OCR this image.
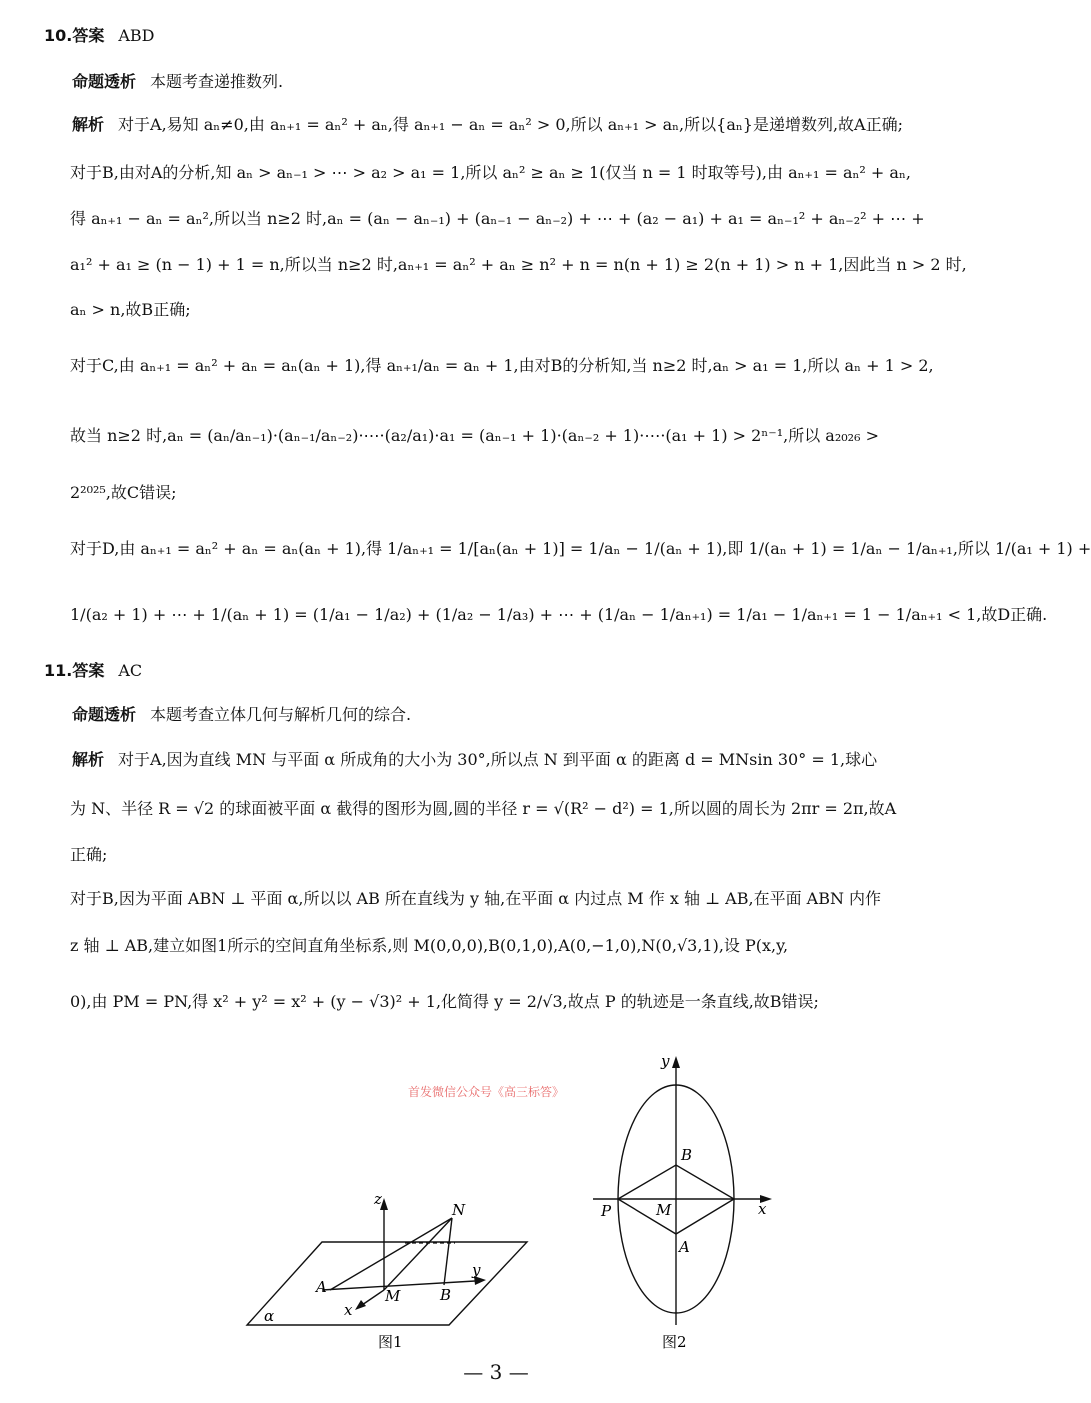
10.答案 ABD
命题透析 本题考查递推数列.
解析 对于A,易知 aₙ≠0,由 aₙ₊₁ = aₙ² + aₙ,得 aₙ₊₁ − aₙ = aₙ² > 0,所以 aₙ₊₁ > aₙ,所以{aₙ}是递增数列,故A正确;
对于B,由对A的分析,知 aₙ > aₙ₋₁ > ⋯ > a₂ > a₁ = 1,所以 aₙ² ≥ aₙ ≥ 1(仅当 n = 1 时取等号),由 aₙ₊₁ = aₙ² + aₙ,
得 aₙ₊₁ − aₙ = aₙ²,所以当 n≥2 时,aₙ = (aₙ − aₙ₋₁) + (aₙ₋₁ − aₙ₋₂) + ⋯ + (a₂ − a₁) + a₁ = aₙ₋₁² + aₙ₋₂² + ⋯ +
a₁² + a₁ ≥ (n − 1) + 1 = n,所以当 n≥2 时,aₙ₊₁ = aₙ² + aₙ ≥ n² + n = n(n + 1) ≥ 2(n + 1) > n + 1,因此当 n > 2 时,
aₙ > n,故B正确;
对于C,由 aₙ₊₁ = aₙ² + aₙ = aₙ(aₙ + 1),得 aₙ₊₁/aₙ = aₙ + 1,由对B的分析知,当 n≥2 时,aₙ > a₁ = 1,所以 aₙ + 1 > 2,
故当 n≥2 时,aₙ = (aₙ/aₙ₋₁)·(aₙ₋₁/aₙ₋₂)·⋯·(a₂/a₁)·a₁ = (aₙ₋₁ + 1)·(aₙ₋₂ + 1)·⋯·(a₁ + 1) > 2ⁿ⁻¹,所以 a₂₀₂₆ >
2²⁰²⁵,故C错误;
对于D,由 aₙ₊₁ = aₙ² + aₙ = aₙ(aₙ + 1),得 1/aₙ₊₁ = 1/[aₙ(aₙ + 1)] = 1/aₙ − 1/(aₙ + 1),即 1/(aₙ + 1) = 1/aₙ − 1/aₙ₊₁,所以 1/(a₁ + 1) +
1/(a₂ + 1) + ⋯ + 1/(aₙ + 1) = (1/a₁ − 1/a₂) + (1/a₂ − 1/a₃) + ⋯ + (1/aₙ − 1/aₙ₊₁) = 1/a₁ − 1/aₙ₊₁ = 1 − 1/aₙ₊₁ < 1,故D正确.
11.答案 AC
命题透析 本题考查立体几何与解析几何的综合.
解析 对于A,因为直线 MN 与平面 α 所成角的大小为 30°,所以点 N 到平面 α 的距离 d = MNsin 30° = 1,球心
为 N、半径 R = √2 的球面被平面 α 截得的图形为圆,圆的半径 r = √(R² − d²) = 1,所以圆的周长为 2πr = 2π,故A
正确;
对于B,因为平面 ABN ⊥ 平面 α,所以以 AB 所在直线为 y 轴,在平面 α 内过点 M 作 x 轴 ⊥ AB,在平面 ABN 内作
z 轴 ⊥ AB,建立如图1所示的空间直角坐标系,则 M(0,0,0),B(0,1,0),A(0,−1,0),N(0,√3,1),设 P(x,y,
0),由 PM = PN,得 x² + y² = x² + (y − √3)² + 1,化简得 y = 2/√3,故点 P 的轨迹是一条直线,故B错误;
首发微信公众号《高三标答》
z
N
y
A	M	B
x
α
图1
y
x
B
P	M
A
图2
— 3 —
